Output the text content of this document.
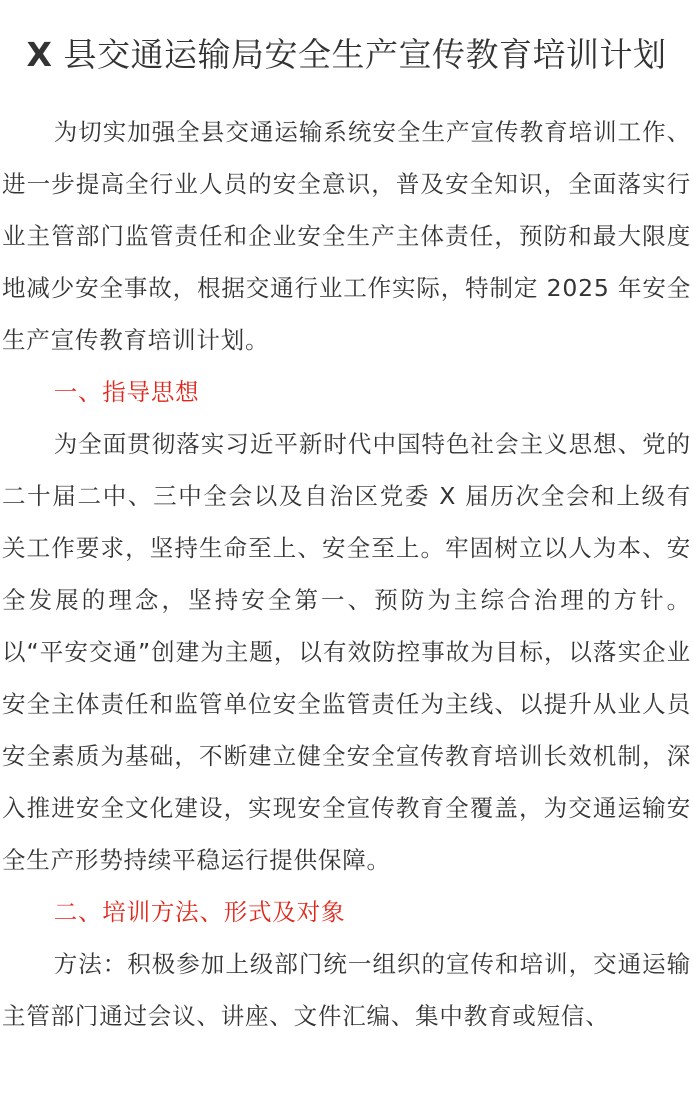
X 县交通运输局安全生产宣传教育培训计划

为切实加强全县交通运输系统安全生产宣传教育培训工作、进一步提高全行业人员的安全意识，普及安全知识，全面落实行业主管部门监管责任和企业安全生产主体责任，预防和最大限度地减少安全事故，根据交通行业工作实际，特制定 2025 年安全生产宣传教育培训计划。

一、指导思想

为全面贯彻落实习近平新时代中国特色社会主义思想、党的二十届二中、三中全会以及自治区党委 X 届历次全会和上级有关工作要求，坚持生命至上、安全至上。牢固树立以人为本、安全发展的理念，坚持安全第一、预防为主综合治理的方针。以“平安交通”创建为主题，以有效防控事故为目标，以落实企业安全主体责任和监管单位安全监管责任为主线、以提升从业人员安全素质为基础，不断建立健全安全宣传教育培训长效机制，深入推进安全文化建设，实现安全宣传教育全覆盖，为交通运输安全生产形势持续平稳运行提供保障。

二、培训方法、形式及对象

方法：积极参加上级部门统一组织的宣传和培训，交通运输主管部门通过会议、讲座、文件汇编、集中教育或短信、
